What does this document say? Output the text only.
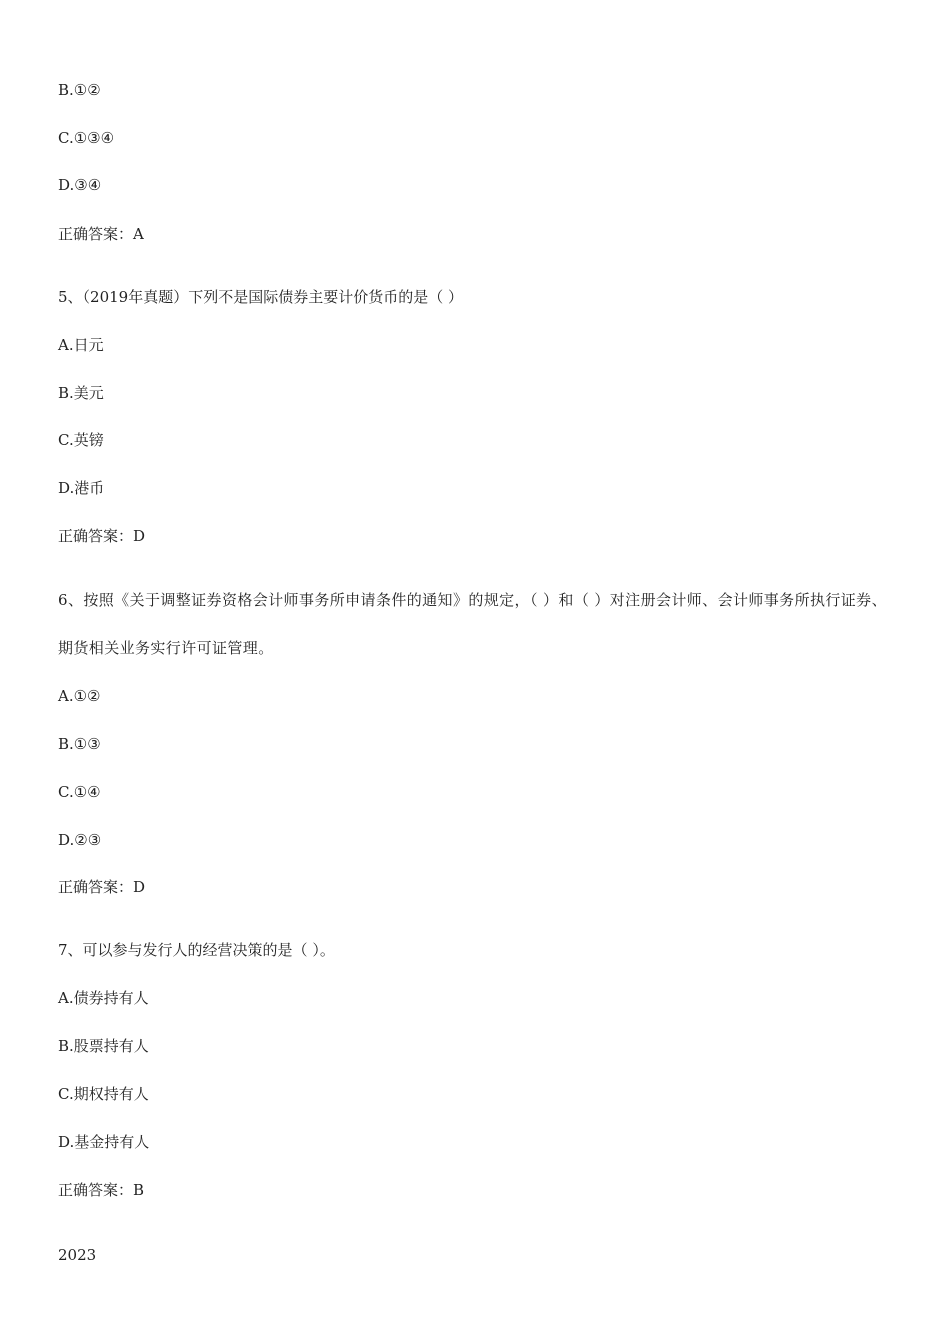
B.①②
C.①③④
D.③④
正确答案：A
5、（2019年真题）下列不是国际债券主要计价货币的是（ ）
A.日元
B.美元
C.英镑
D.港币
正确答案：D
6、按照《关于调整证券资格会计师事务所申请条件的通知》的规定，（ ）和（ ）对注册会计师、会计师事务所执行证券、期货相关业务实行许可证管理。
A.①②
B.①③
C.①④
D.②③
正确答案：D
7、可以参与发行人的经营决策的是（ ）。
A.债券持有人
B.股票持有人
C.期权持有人
D.基金持有人
正确答案：B
2023
